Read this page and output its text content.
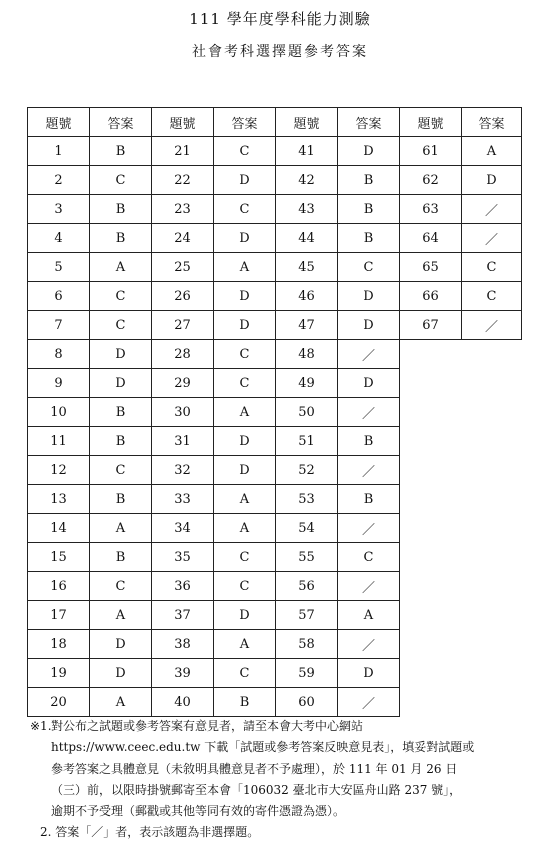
111 學年度學科能力測驗
社會考科選擇題參考答案
題號	答案	題號	答案	題號	答案	題號	答案
1	B	21	C	41	D	61	A
2	C	22	D	42	B	62	D
3	B	23	C	43	B	63	／
4	B	24	D	44	B	64	／
5	A	25	A	45	C	65	C
6	C	26	D	46	D	66	C
7	C	27	D	47	D	67	／
8	D	28	C	48	／		
9	D	29	C	49	D		
10	B	30	A	50	／		
11	B	31	D	51	B		
12	C	32	D	52	／		
13	B	33	A	53	B		
14	A	34	A	54	／		
15	B	35	C	55	C		
16	C	36	C	56	／		
17	A	37	D	57	A		
18	D	38	A	58	／		
19	D	39	C	59	D		
20	A	40	B	60	／		
※1.對公布之試題或參考答案有意見者，請至本會大考中心網站
https://www.ceec.edu.tw 下載「試題或參考答案反映意見表」，填妥對試題或
參考答案之具體意見（未敘明具體意見者不予處理），於 111 年 01 月 26 日
（三）前，以限時掛號郵寄至本會「106032 臺北市大安區舟山路 237 號」，
逾期不予受理（郵戳或其他等同有效的寄件憑證為憑）。
2. 答案「／」者，表示該題為非選擇題。
